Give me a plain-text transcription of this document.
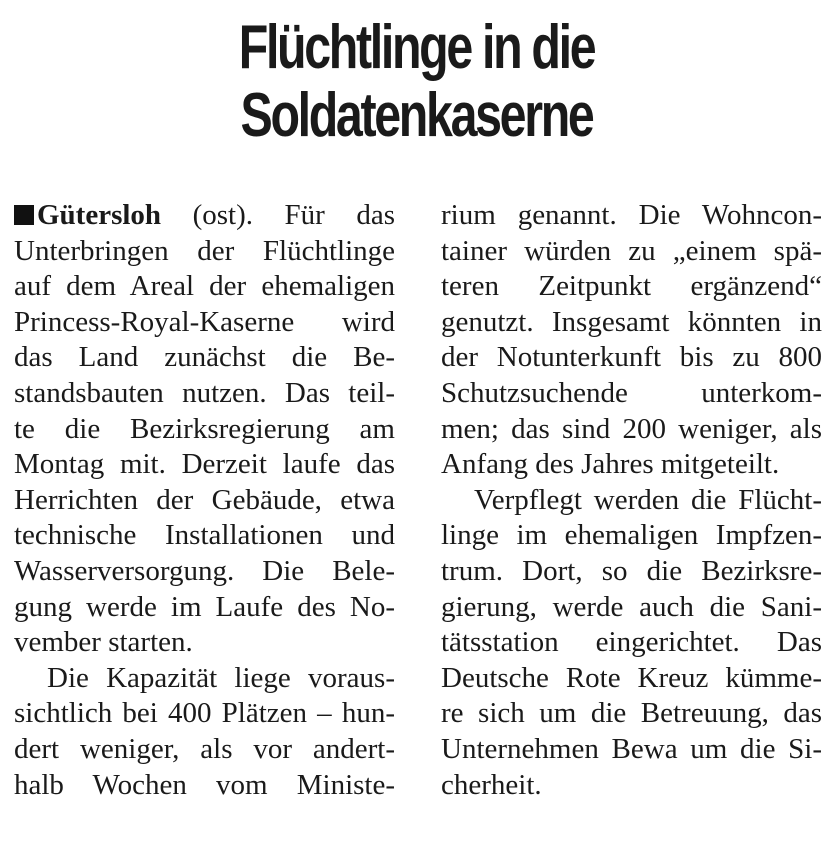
Flüchtlinge in die
Soldatenkaserne
Gütersloh (ost). Für das
Unterbringen der Flüchtlinge
auf dem Areal der ehemaligen
Princess-Royal-Kaserne wird
das Land zunächst die Be-
standsbauten nutzen. Das teil-
te die Bezirksregierung am
Montag mit. Derzeit laufe das
Herrichten der Gebäude, etwa
technische Installationen und
Wasserversorgung. Die Bele-
gung werde im Laufe des No-
vember starten.
Die Kapazität liege voraus-
sichtlich bei 400 Plätzen – hun-
dert weniger, als vor andert-
halb Wochen vom Ministe-
rium genannt. Die Wohncon-
tainer würden zu „einem spä-
teren Zeitpunkt ergänzend“
genutzt. Insgesamt könnten in
der Notunterkunft bis zu 800
Schutzsuchende unterkom-
men; das sind 200 weniger, als
Anfang des Jahres mitgeteilt.
Verpflegt werden die Flücht-
linge im ehemaligen Impfzen-
trum. Dort, so die Bezirksre-
gierung, werde auch die Sani-
tätsstation eingerichtet. Das
Deutsche Rote Kreuz kümme-
re sich um die Betreuung, das
Unternehmen Bewa um die Si-
cherheit.
